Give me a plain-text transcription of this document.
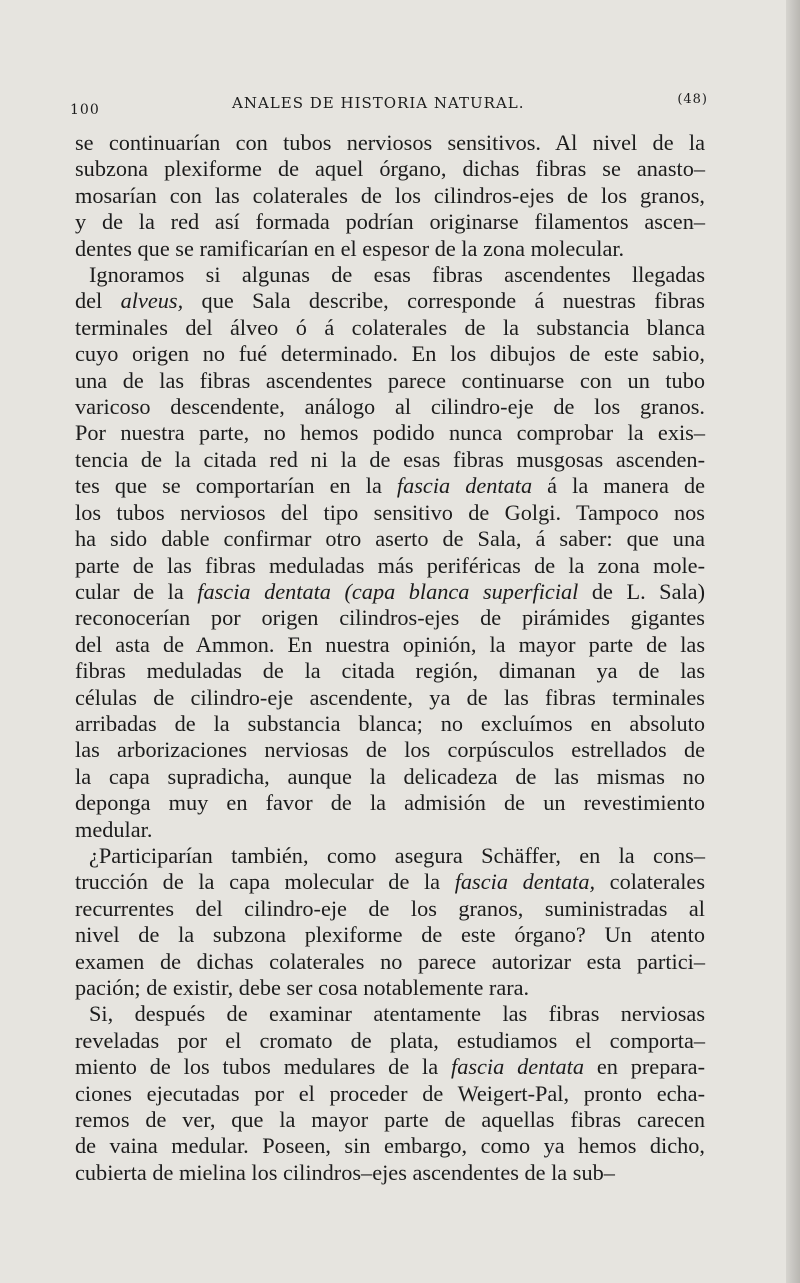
100	ANALES DE HISTORIA NATURAL.	(48)
se continuarían con tubos nerviosos sensitivos. Al nivel de la
subzona plexiforme de aquel órgano, dichas fibras se anasto–
mosarían con las colaterales de los cilindros-ejes de los granos,
y de la red así formada podrían originarse filamentos ascen–
dentes que se ramificarían en el espesor de la zona molecular.
Ignoramos si algunas de esas fibras ascendentes llegadas
del alveus, que Sala describe, corresponde á nuestras fibras
terminales del álveo ó á colaterales de la substancia blanca
cuyo origen no fué determinado. En los dibujos de este sabio,
una de las fibras ascendentes parece continuarse con un tubo
varicoso descendente, análogo al cilindro-eje de los granos.
Por nuestra parte, no hemos podido nunca comprobar la exis–
tencia de la citada red ni la de esas fibras musgosas ascenden-
tes que se comportarían en la fascia dentata á la manera de
los tubos nerviosos del tipo sensitivo de Golgi. Tampoco nos
ha sido dable confirmar otro aserto de Sala, á saber: que una
parte de las fibras meduladas más periféricas de la zona mole-
cular de la fascia dentata (capa blanca superficial de L. Sala)
reconocerían por origen cilindros-ejes de pirámides gigantes
del asta de Ammon. En nuestra opinión, la mayor parte de las
fibras meduladas de la citada región, dimanan ya de las
células de cilindro-eje ascendente, ya de las fibras terminales
arribadas de la substancia blanca; no excluímos en absoluto
las arborizaciones nerviosas de los corpúsculos estrellados de
la capa supradicha, aunque la delicadeza de las mismas no
deponga muy en favor de la admisión de un revestimiento
medular.
¿Participarían también, como asegura Schäffer, en la cons–
trucción de la capa molecular de la fascia dentata, colaterales
recurrentes del cilindro-eje de los granos, suministradas al
nivel de la subzona plexiforme de este órgano? Un atento
examen de dichas colaterales no parece autorizar esta partici–
pación; de existir, debe ser cosa notablemente rara.
Si, después de examinar atentamente las fibras nerviosas
reveladas por el cromato de plata, estudiamos el comporta–
miento de los tubos medulares de la fascia dentata en prepara-
ciones ejecutadas por el proceder de Weigert-Pal, pronto echa-
remos de ver, que la mayor parte de aquellas fibras carecen
de vaina medular. Poseen, sin embargo, como ya hemos dicho,
cubierta de mielina los cilindros–ejes ascendentes de la sub–
